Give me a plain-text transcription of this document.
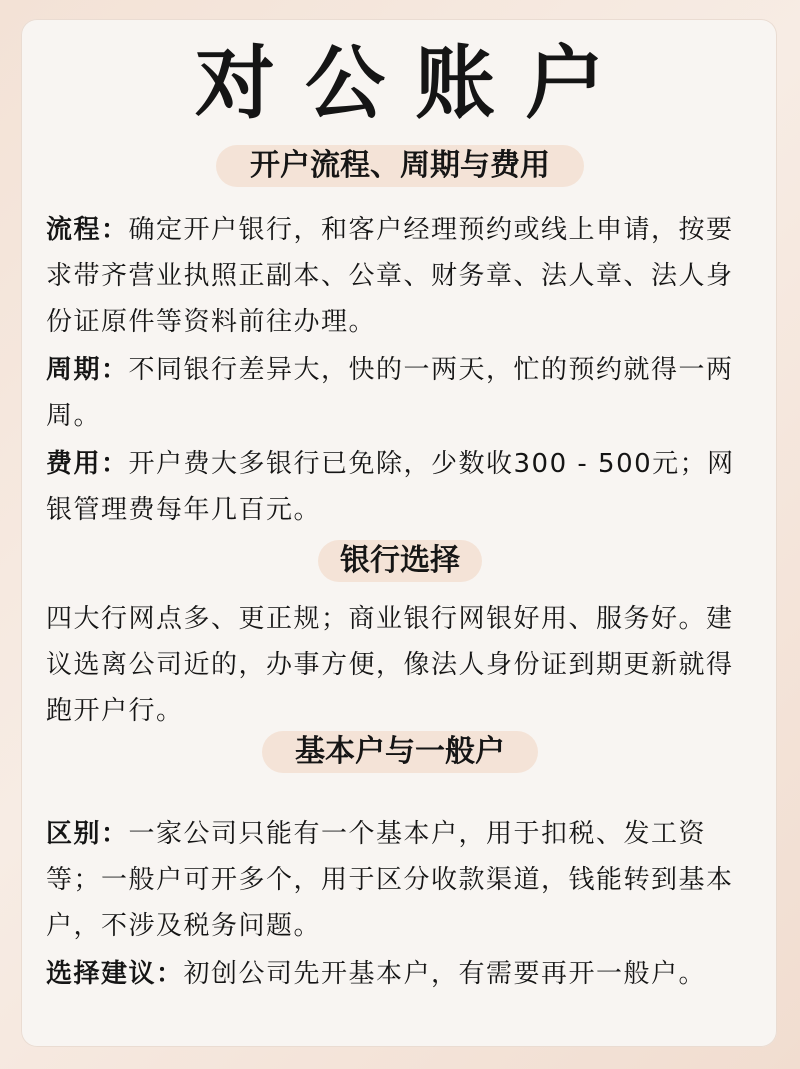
对公账户
开户流程、周期与费用
流程：确定开户银行，和客户经理预约或线上申请，按要求带齐营业执照正副本、公章、财务章、法人章、法人身份证原件等资料前往办理。
周期：不同银行差异大，快的一两天，忙的预约就得一两周。
费用：开户费大多银行已免除，少数收300 - 500元；网银管理费每年几百元。
银行选择
四大行网点多、更正规；商业银行网银好用、服务好。建议选离公司近的，办事方便，像法人身份证到期更新就得跑开户行。
基本户与一般户
区别：一家公司只能有一个基本户，用于扣税、发工资等；一般户可开多个，用于区分收款渠道，钱能转到基本户，不涉及税务问题。
选择建议：初创公司先开基本户，有需要再开一般户。
